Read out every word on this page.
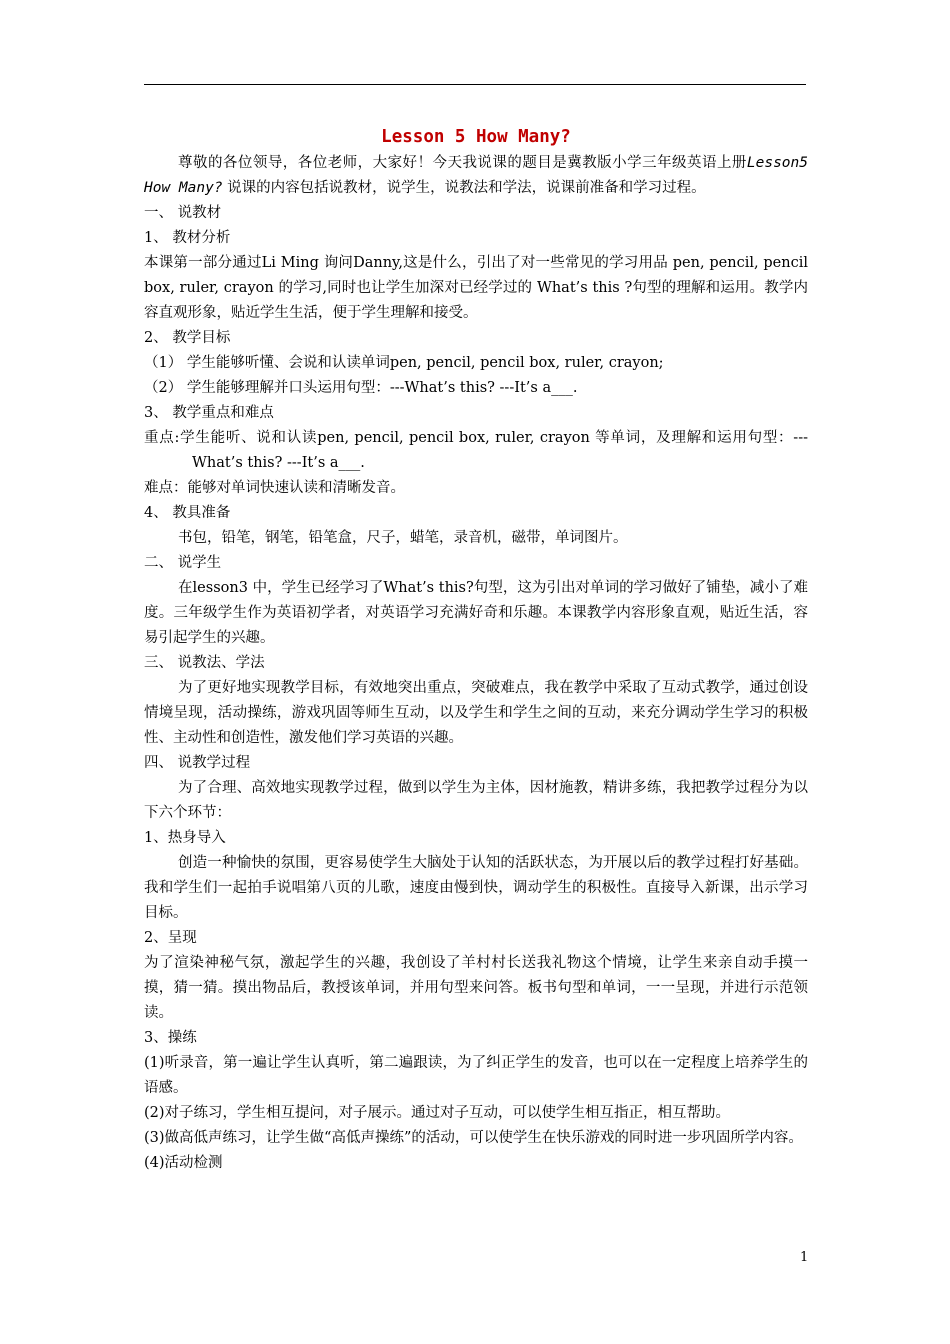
Lesson 5 How Many?

尊敬的各位领导，各位老师，大家好！今天我说课的题目是冀教版小学三年级英语上册Lesson5 How Many? 说课的内容包括说教材，说学生，说教法和学法，说课前准备和学习过程。

一、 说教材

1、 教材分析

本课第一部分通过Li Ming 询问Danny,这是什么，引出了对一些常见的学习用品 pen, pencil, pencil box, ruler, crayon 的学习,同时也让学生加深对已经学过的 What’s this ?句型的理解和运用。教学内容直观形象，贴近学生生活，便于学生理解和接受。

2、 教学目标

（1） 学生能够听懂、会说和认读单词pen, pencil, pencil box, ruler, crayon;

（2） 学生能够理解并口头运用句型：---What’s this? ---It’s a___.

3、 教学重点和难点

重点:学生能听、说和认读pen, pencil, pencil box, ruler, crayon 等单词，及理解和运用句型：---What’s this? ---It’s a___.

难点：能够对单词快速认读和清晰发音。

4、 教具准备

书包，铅笔，钢笔，铅笔盒，尺子，蜡笔，录音机，磁带，单词图片。

二、 说学生

在lesson3 中，学生已经学习了What’s this?句型，这为引出对单词的学习做好了铺垫，减小了难度。三年级学生作为英语初学者，对英语学习充满好奇和乐趣。本课教学内容形象直观，贴近生活，容易引起学生的兴趣。

三、 说教法、学法

为了更好地实现教学目标，有效地突出重点，突破难点，我在教学中采取了互动式教学，通过创设情境呈现，活动操练，游戏巩固等师生互动，以及学生和学生之间的互动，来充分调动学生学习的积极性、主动性和创造性，激发他们学习英语的兴趣。

四、 说教学过程

为了合理、高效地实现教学过程，做到以学生为主体，因材施教，精讲多练，我把教学过程分为以下六个环节：

1、热身导入

创造一种愉快的氛围，更容易使学生大脑处于认知的活跃状态，为开展以后的教学过程打好基础。我和学生们一起拍手说唱第八页的儿歌，速度由慢到快，调动学生的积极性。直接导入新课，出示学习目标。

2、呈现

为了渲染神秘气氛，激起学生的兴趣，我创设了羊村村长送我礼物这个情境，让学生来亲自动手摸一摸，猜一猜。摸出物品后，教授该单词，并用句型来问答。板书句型和单词，一一呈现，并进行示范领读。

3、操练

(1)听录音，第一遍让学生认真听，第二遍跟读，为了纠正学生的发音，也可以在一定程度上培养学生的语感。

(2)对子练习，学生相互提问，对子展示。通过对子互动，可以使学生相互指正，相互帮助。

(3)做高低声练习，让学生做“高低声操练”的活动，可以使学生在快乐游戏的同时进一步巩固所学内容。

(4)活动检测

1
